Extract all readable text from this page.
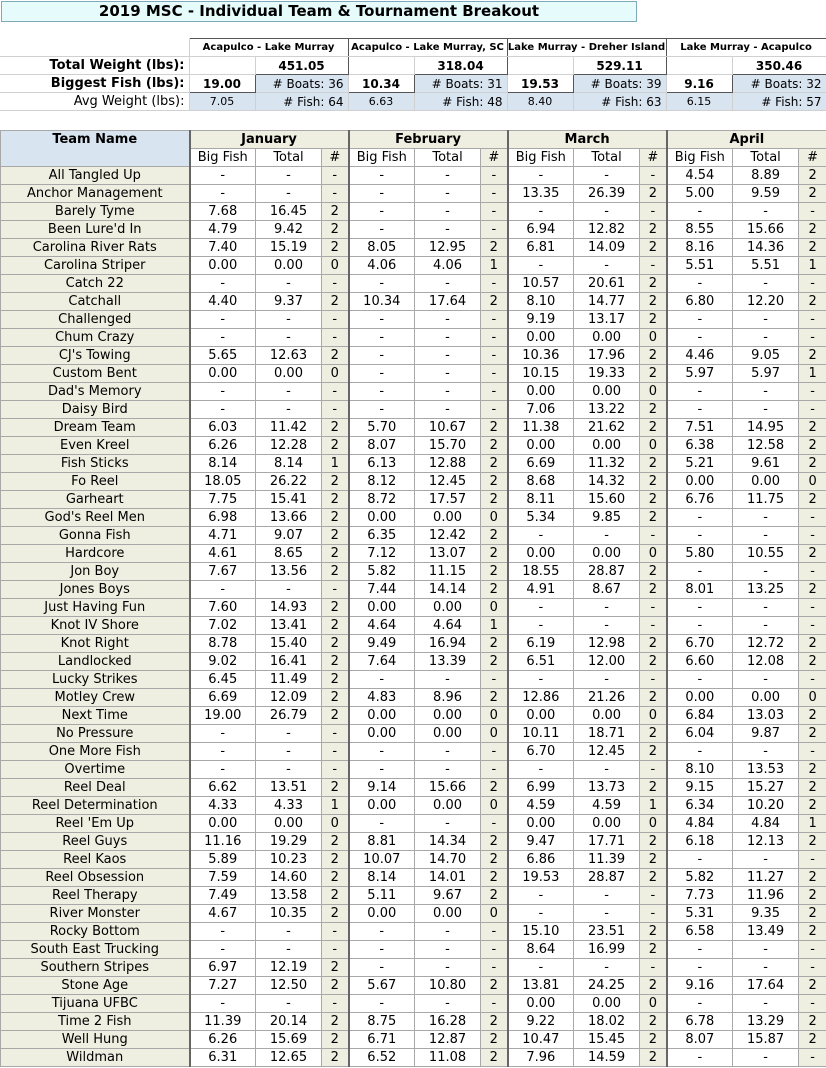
2019 MSC - Individual Team & Tournament Breakout
	Acapulco - Lake Murray		Acapulco - Lake Murray, SC		Lake Murray - Dreher Island		Lake Murray - Acapulco	
Total Weight (lbs):		451.05		318.04		529.11		350.46
Biggest Fish (lbs):	19.00	# Boats: 36	10.34	# Boats: 31	19.53	# Boats: 39	9.16	# Boats: 32
Avg Weight (lbs):	7.05	# Fish: 64	6.63	# Fish: 48	8.40	# Fish: 63	6.15	# Fish: 57
Team Name	January			February			March			April		
	Big Fish	Total	#	Big Fish	Total	#	Big Fish	Total	#	Big Fish	Total	#
All Tangled Up	-	-	-	-	-	-	-	-	-	4.54	8.89	2
Anchor Management	-	-	-	-	-	-	13.35	26.39	2	5.00	9.59	2
Barely Tyme	7.68	16.45	2	-	-	-	-	-	-	-	-	-
Been Lure'd In	4.79	9.42	2	-	-	-	6.94	12.82	2	8.55	15.66	2
Carolina River Rats	7.40	15.19	2	8.05	12.95	2	6.81	14.09	2	8.16	14.36	2
Carolina Striper	0.00	0.00	0	4.06	4.06	1	-	-	-	5.51	5.51	1
Catch 22	-	-	-	-	-	-	10.57	20.61	2	-	-	-
Catchall	4.40	9.37	2	10.34	17.64	2	8.10	14.77	2	6.80	12.20	2
Challenged	-	-	-	-	-	-	9.19	13.17	2	-	-	-
Chum Crazy	-	-	-	-	-	-	0.00	0.00	0	-	-	-
CJ's Towing	5.65	12.63	2	-	-	-	10.36	17.96	2	4.46	9.05	2
Custom Bent	0.00	0.00	0	-	-	-	10.15	19.33	2	5.97	5.97	1
Dad's Memory	-	-	-	-	-	-	0.00	0.00	0	-	-	-
Daisy Bird	-	-	-	-	-	-	7.06	13.22	2	-	-	-
Dream Team	6.03	11.42	2	5.70	10.67	2	11.38	21.62	2	7.51	14.95	2
Even Kreel	6.26	12.28	2	8.07	15.70	2	0.00	0.00	0	6.38	12.58	2
Fish Sticks	8.14	8.14	1	6.13	12.88	2	6.69	11.32	2	5.21	9.61	2
Fo Reel	18.05	26.22	2	8.12	12.45	2	8.68	14.32	2	0.00	0.00	0
Garheart	7.75	15.41	2	8.72	17.57	2	8.11	15.60	2	6.76	11.75	2
God's Reel Men	6.98	13.66	2	0.00	0.00	0	5.34	9.85	2	-	-	-
Gonna Fish	4.71	9.07	2	6.35	12.42	2	-	-	-	-	-	-
Hardcore	4.61	8.65	2	7.12	13.07	2	0.00	0.00	0	5.80	10.55	2
Jon Boy	7.67	13.56	2	5.82	11.15	2	18.55	28.87	2	-	-	-
Jones Boys	-	-	-	7.44	14.14	2	4.91	8.67	2	8.01	13.25	2
Just Having Fun	7.60	14.93	2	0.00	0.00	0	-	-	-	-	-	-
Knot IV Shore	7.02	13.41	2	4.64	4.64	1	-	-	-	-	-	-
Knot Right	8.78	15.40	2	9.49	16.94	2	6.19	12.98	2	6.70	12.72	2
Landlocked	9.02	16.41	2	7.64	13.39	2	6.51	12.00	2	6.60	12.08	2
Lucky Strikes	6.45	11.49	2	-	-	-	-	-	-	-	-	-
Motley Crew	6.69	12.09	2	4.83	8.96	2	12.86	21.26	2	0.00	0.00	0
Next Time	19.00	26.79	2	0.00	0.00	0	0.00	0.00	0	6.84	13.03	2
No Pressure	-	-	-	0.00	0.00	0	10.11	18.71	2	6.04	9.87	2
One More Fish	-	-	-	-	-	-	6.70	12.45	2	-	-	-
Overtime	-	-	-	-	-	-	-	-	-	8.10	13.53	2
Reel Deal	6.62	13.51	2	9.14	15.66	2	6.99	13.73	2	9.15	15.27	2
Reel Determination	4.33	4.33	1	0.00	0.00	0	4.59	4.59	1	6.34	10.20	2
Reel 'Em Up	0.00	0.00	0	-	-	-	0.00	0.00	0	4.84	4.84	1
Reel Guys	11.16	19.29	2	8.81	14.34	2	9.47	17.71	2	6.18	12.13	2
Reel Kaos	5.89	10.23	2	10.07	14.70	2	6.86	11.39	2	-	-	-
Reel Obsession	7.59	14.60	2	8.14	14.01	2	19.53	28.87	2	5.82	11.27	2
Reel Therapy	7.49	13.58	2	5.11	9.67	2	-	-	-	7.73	11.96	2
River Monster	4.67	10.35	2	0.00	0.00	0	-	-	-	5.31	9.35	2
Rocky Bottom	-	-	-	-	-	-	15.10	23.51	2	6.58	13.49	2
South East Trucking	-	-	-	-	-	-	8.64	16.99	2	-	-	-
Southern Stripes	6.97	12.19	2	-	-	-	-	-	-	-	-	-
Stone Age	7.27	12.50	2	5.67	10.80	2	13.81	24.25	2	9.16	17.64	2
Tijuana UFBC	-	-	-	-	-	-	0.00	0.00	0	-	-	-
Time 2 Fish	11.39	20.14	2	8.75	16.28	2	9.22	18.02	2	6.78	13.29	2
Well Hung	6.26	15.69	2	6.71	12.87	2	10.47	15.45	2	8.07	15.87	2
Wildman	6.31	12.65	2	6.52	11.08	2	7.96	14.59	2	-	-	-
